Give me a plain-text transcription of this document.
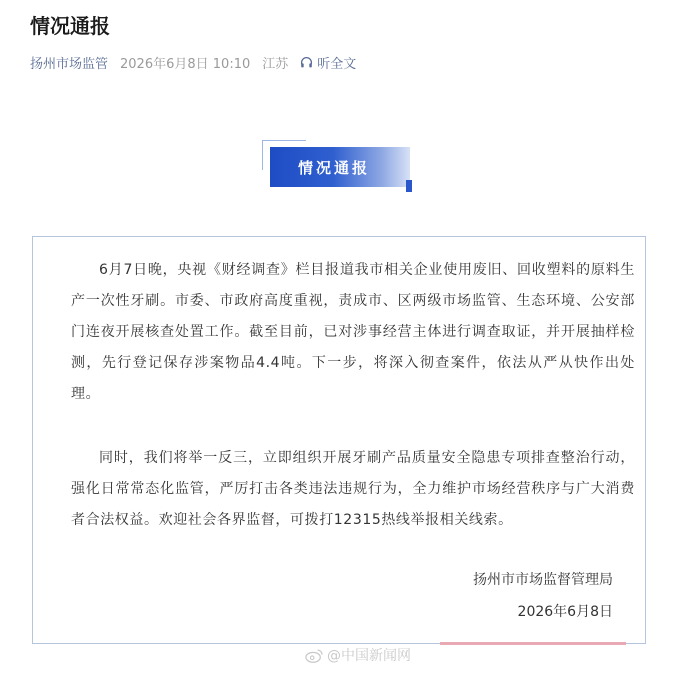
情况通报
扬州市场监管 2026年6月8日 10:10 江苏 听全文
情况通报

6月7日晚，央视《财经调查》栏目报道我市相关企业使用废旧、回收塑料的原料生产一次性牙刷。市委、市政府高度重视，责成市、区两级市场监管、生态环境、公安部门连夜开展核查处置工作。截至目前，已对涉事经营主体进行调查取证，并开展抽样检测，先行登记保存涉案物品4.4吨。下一步，将深入彻查案件，依法从严从快作出处理。

同时，我们将举一反三，立即组织开展牙刷产品质量安全隐患专项排查整治行动，强化日常常态化监管，严厉打击各类违法违规行为，全力维护市场经营秩序与广大消费者合法权益。欢迎社会各界监督，可拨打12315热线举报相关线索。

扬州市市场监督管理局
2026年6月8日
@中国新闻网
